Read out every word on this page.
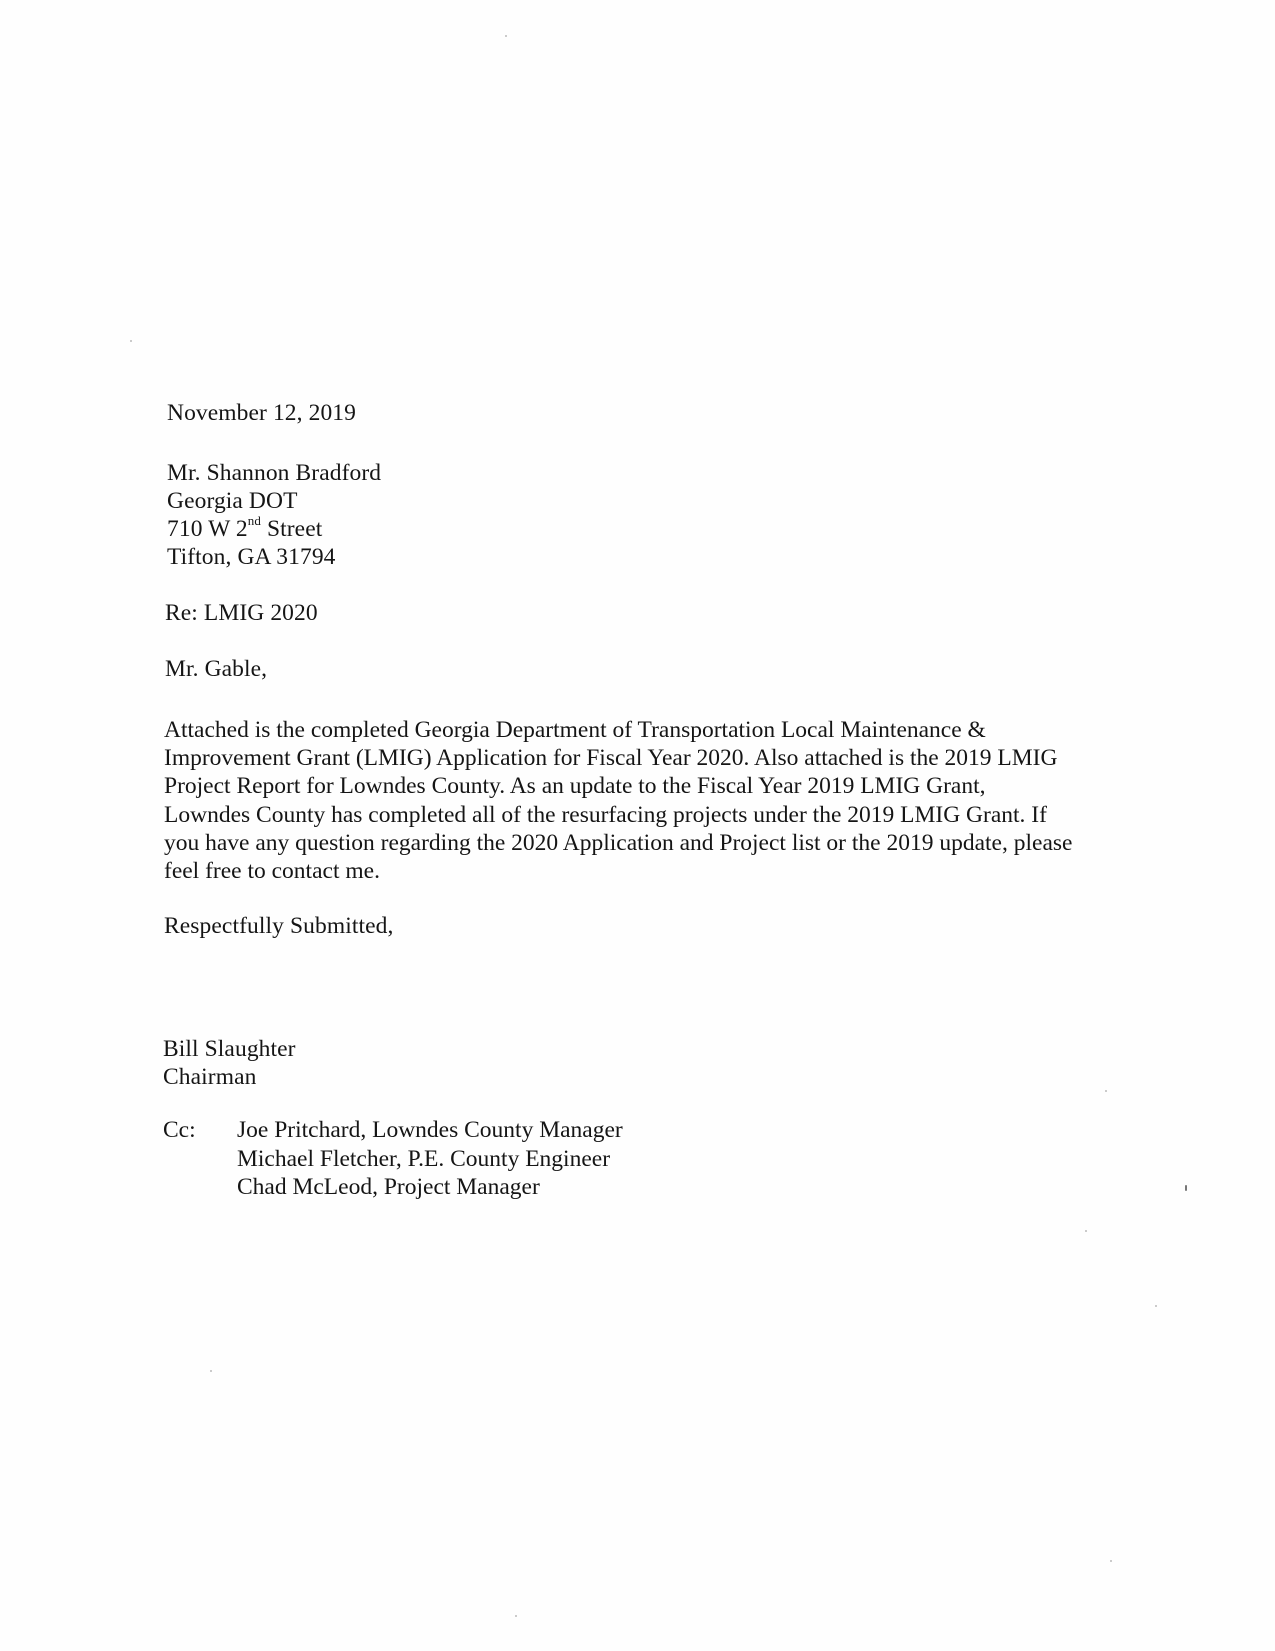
November 12, 2019
Mr. Shannon Bradford
Georgia DOT
710 W 2nd Street
Tifton, GA 31794
Re: LMIG 2020
Mr. Gable,
Attached is the completed Georgia Department of Transportation Local Maintenance &
Improvement Grant (LMIG) Application for Fiscal Year 2020. Also attached is the 2019 LMIG
Project Report for Lowndes County. As an update to the Fiscal Year 2019 LMIG Grant,
Lowndes County has completed all of the resurfacing projects under the 2019 LMIG Grant. If
you have any question regarding the 2020 Application and Project list or the 2019 update, please
feel free to contact me.
Respectfully Submitted,
Bill Slaughter
Chairman
Cc: Joe Pritchard, Lowndes County Manager
Michael Fletcher, P.E. County Engineer
Chad McLeod, Project Manager
